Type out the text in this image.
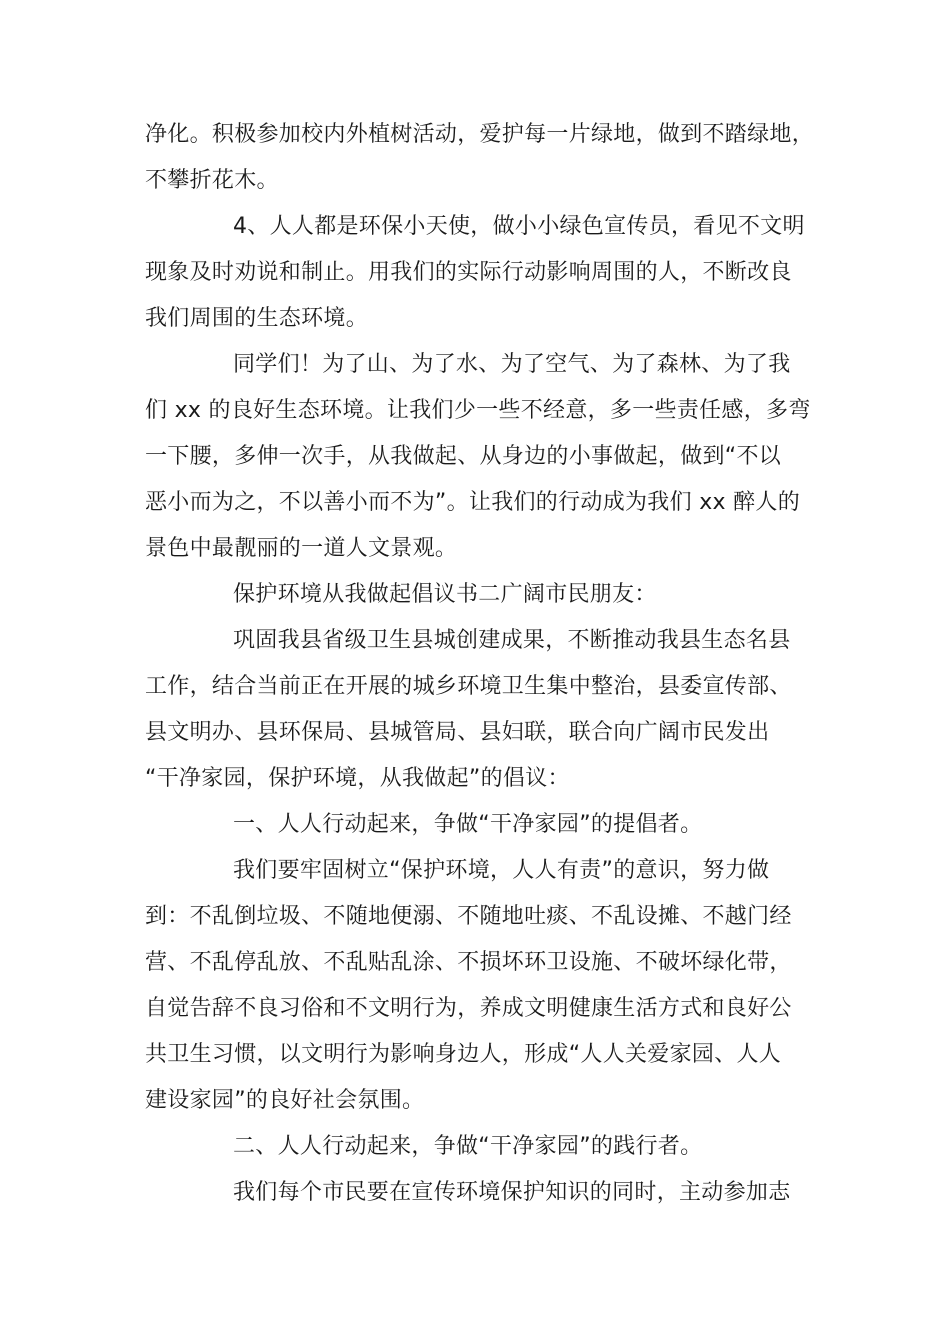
净化。积极参加校内外植树活动，爱护每一片绿地，做到不踏绿地，
不攀折花木。
4、人人都是环保小天使，做小小绿色宣传员，看见不文明
现象及时劝说和制止。用我们的实际行动影响周围的人，不断改良
我们周围的生态环境。
同学们！为了山、为了水、为了空气、为了森林、为了我
们 xx 的良好生态环境。让我们少一些不经意，多一些责任感，多弯
一下腰，多伸一次手，从我做起、从身边的小事做起，做到“不以
恶小而为之，不以善小而不为”。让我们的行动成为我们 xx 醉人的
景色中最靓丽的一道人文景观。
保护环境从我做起倡议书二广阔市民朋友：
巩固我县省级卫生县城创建成果，不断推动我县生态名县
工作，结合当前正在开展的城乡环境卫生集中整治，县委宣传部、
县文明办、县环保局、县城管局、县妇联，联合向广阔市民发出
“干净家园，保护环境，从我做起”的倡议：
一、人人行动起来，争做“干净家园”的提倡者。
我们要牢固树立“保护环境，人人有责”的意识，努力做
到：不乱倒垃圾、不随地便溺、不随地吐痰、不乱设摊、不越门经
营、不乱停乱放、不乱贴乱涂、不损坏环卫设施、不破坏绿化带，
自觉告辞不良习俗和不文明行为，养成文明健康生活方式和良好公
共卫生习惯，以文明行为影响身边人，形成“人人关爱家园、人人
建设家园”的良好社会氛围。
二、人人行动起来，争做“干净家园”的践行者。
我们每个市民要在宣传环境保护知识的同时，主动参加志
